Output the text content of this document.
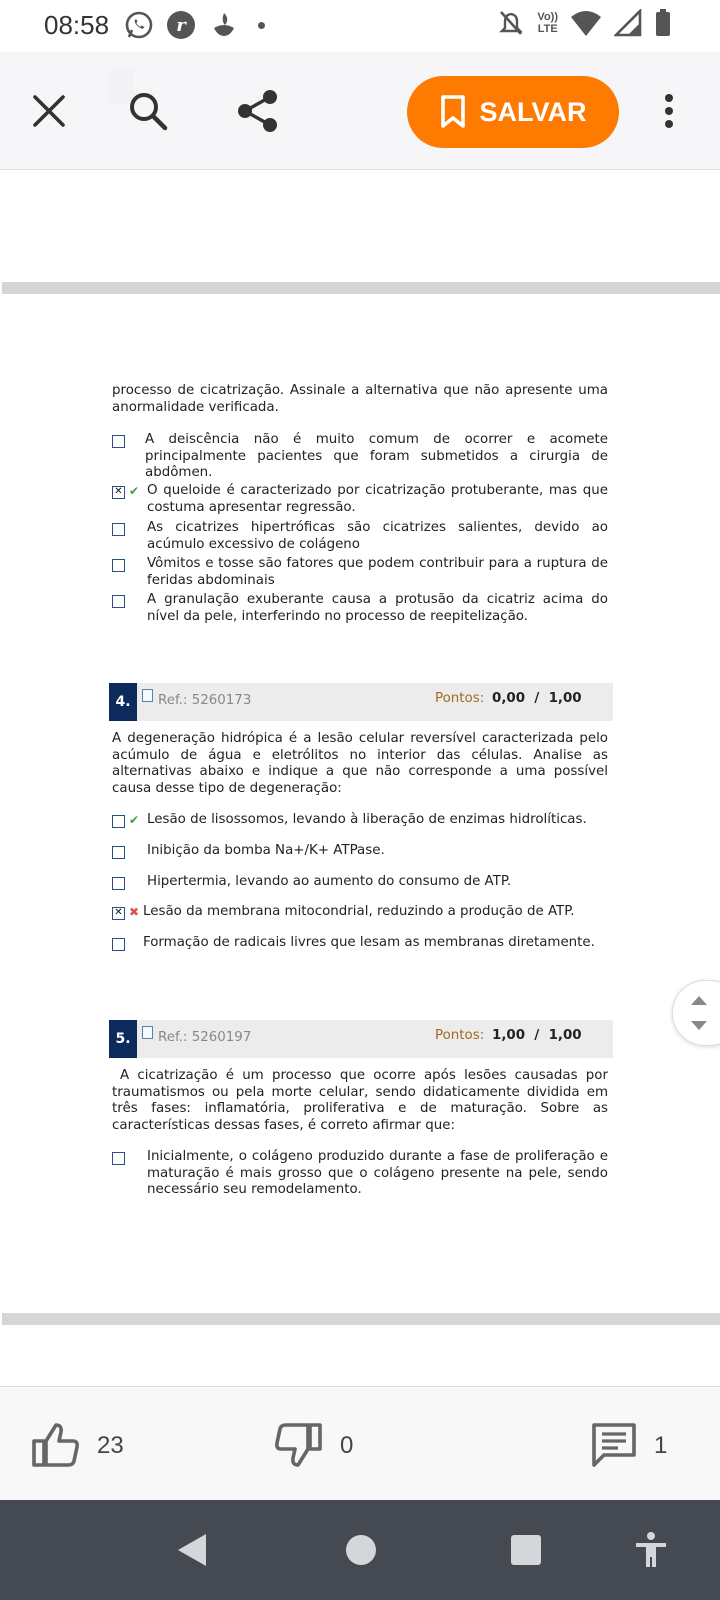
08:58	r	Vo))
LTE
SALVAR
processo de cicatrização. Assinale a alternativa que não apresente uma anormalidade verificada.
A deiscência não é muito comum de ocorrer e acomete principalmente pacientes que foram submetidos a cirurgia de abdômen.
✕ ✔ O queloide é caracterizado por cicatrização protuberante, mas que costuma apresentar regressão.
As cicatrizes hipertróficas são cicatrizes salientes, devido ao acúmulo excessivo de colágeno
Vômitos e tosse são fatores que podem contribuir para a ruptura de feridas abdominais
A granulação exuberante causa a protusão da cicatriz acima do nível da pele, interferindo no processo de reepitelização.
4.	Ref.: 5260173	Pontos: 0,00  /  1,00
A degeneração hidrópica é a lesão celular reversível caracterizada pelo acúmulo de água e eletrólitos no interior das células. Analise as alternativas abaixo e indique a que não corresponde a uma possível causa desse tipo de degeneração:
✔ Lesão de lisossomos, levando à liberação de enzimas hidrolíticas.
Inibição da bomba Na+/K+ ATPase.
Hipertermia, levando ao aumento do consumo de ATP.
✕ ✖ Lesão da membrana mitocondrial, reduzindo a produção de ATP.
Formação de radicais livres que lesam as membranas diretamente.
5.	Ref.: 5260197	Pontos: 1,00  /  1,00
A cicatrização é um processo que ocorre após lesões causadas por traumatismos ou pela morte celular, sendo didaticamente dividida em três fases: inflamatória, proliferativa e de maturação. Sobre as características dessas fases, é correto afirmar que:
Inicialmente, o colágeno produzido durante a fase de proliferação e maturação é mais grosso que o colágeno presente na pele, sendo necessário seu remodelamento.
23	0	1
